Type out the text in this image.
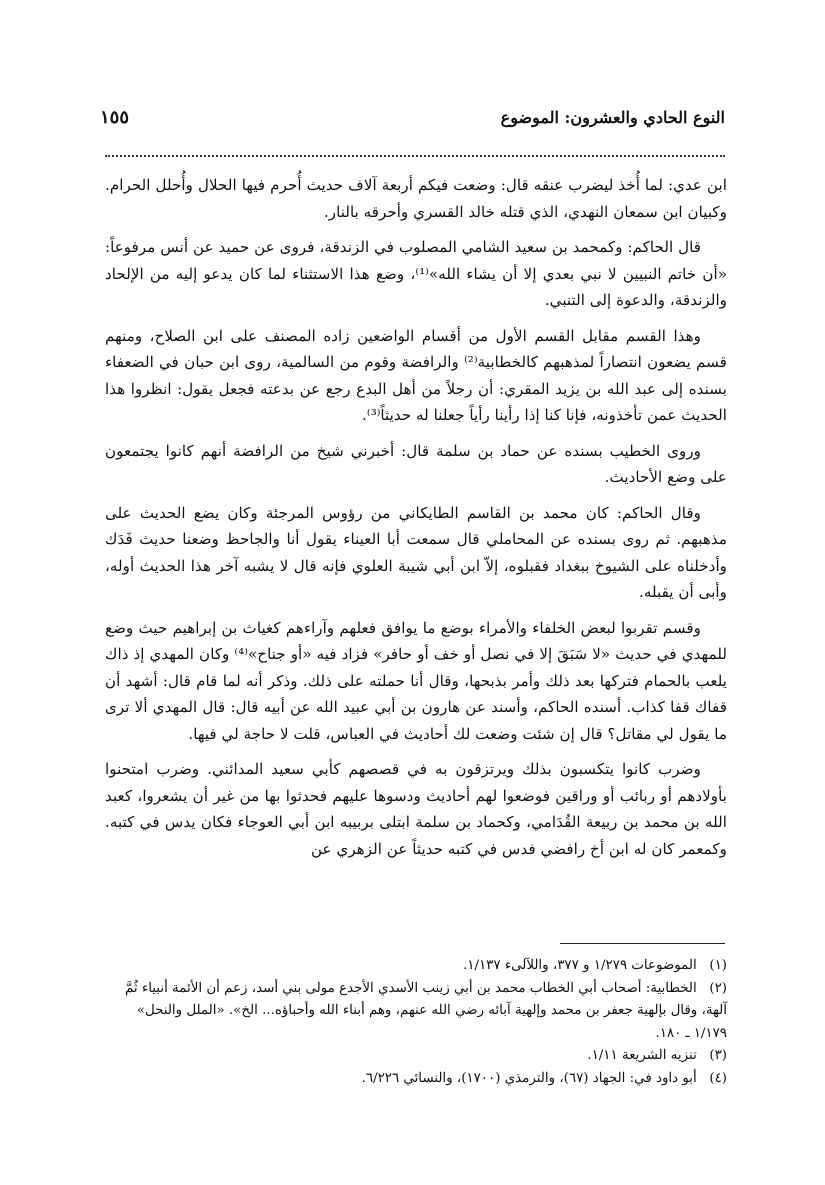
النوع الحادي والعشرون: الموضوع
١٥٥

ابن عدي: لما أُخذ ليضرب عنقه قال: وضعت فيكم أربعة آلاف حديث أُحرم فيها الحلال وأُحلل الحرام. وكبيان ابن سمعان النهدي، الذي قتله خالد القسري وأحرقه بالنار.

قال الحاكم: وكمحمد بن سعيد الشامي المصلوب في الزندقة، فروى عن حميد عن أنس مرفوعاً: «أن خاتم النبيين لا نبي بعدي إلا أن يشاء الله»⁽¹⁾، وضع هذا الاستثناء لما كان يدعو إليه من الإلحاد والزندقة، والدعوة إلى التنبي.

وهذا القسم مقابل القسم الأول من أقسام الواضعين زاده المصنف على ابن الصلاح، ومنهم قسم يضعون انتصاراً لمذهبهم كالخطابية⁽²⁾ والرافضة وقوم من السالمية، روى ابن حبان في الضعفاء بسنده إلى عبد الله بن يزيد المقري: أن رجلاً من أهل البدع رجع عن بدعته فجعل يقول: انظروا هذا الحديث عمن تأخذونه، فإنا كنا إذا رأينا رأياً جعلنا له حديثاً⁽³⁾.

وروى الخطيب بسنده عن حماد بن سلمة قال: أخبرني شيخ من الرافضة أنهم كانوا يجتمعون على وضع الأحاديث.

وقال الحاكم: كان محمد بن القاسم الطايكاني من رؤوس المرجئة وكان يضع الحديث على مذهبهم. ثم روى بسنده عن المحاملي قال سمعت أبا العيناء يقول أنا والجاحظ وضعنا حديث فَدَك وأدخلناه على الشيوخ ببغداد فقبلوه، إلاّ ابن أبي شيبة العلوي فإنه قال لا يشبه آخر هذا الحديث أوله، وأبى أن يقبله.

وقسم تقربوا لبعض الخلفاء والأمراء بوضع ما يوافق فعلهم وآراءهم كغياث بن إبراهيم حيث وضع للمهدي في حديث «لا سَبَقَ إلا في نصل أو خف أو حافر» فزاد فيه «أو جناح»⁽⁴⁾ وكان المهدي إذ ذاك يلعب بالحمام فتركها بعد ذلك وأمر بذبحها، وقال أنا حملته على ذلك. وذكر أنه لما قام قال: أشهد أن قفاك قفا كذاب. أسنده الحاكم، وأسند عن هارون بن أبي عبيد الله عن أبيه قال: قال المهدي ألا ترى ما يقول لي مقاتل؟ قال إن شئت وضعت لك أحاديث في العباس، قلت لا حاجة لي فيها.

وضرب كانوا يتكسبون بذلك ويرتزقون به في قصصهم كأبي سعيد المدائني. وضرب امتحنوا بأولادهم أو ربائب أو وراقين فوضعوا لهم أحاديث ودسوها عليهم فحدثوا بها من غير أن يشعروا، كعبد الله بن محمد بن ربيعة القُدَامي، وكحماد بن سلمة ابتلى بربيبه ابن أبي العوجاء فكان يدس في كتبه. وكمعمر كان له ابن أخ رافضي فدس في كتبه حديثاً عن الزهري عن

(١) الموضوعات ١/٢٧٩ و ٣٧٧، واللآلىء ١/١٣٧.

(٢) الخطابية: أصحاب أبي الخطاب محمد بن أبي زينب الأسدي الأجدع مولى بني أسد، زعم أن الأئمة أنبياء ثُمَّ آلهة، وقال بإلهية جعفر بن محمد وإلهية آبائه رضي الله عنهم، وهم أبناء الله وأحباؤه... الخ». «الملل والنحل» ١/١٧٩ ـ ١٨٠.

(٣) تنزيه الشريعة ١/١١.

(٤) أبو داود في: الجهاد (٦٧)، والترمذي (١٧٠٠)، والنسائي ٦/٢٢٦.
